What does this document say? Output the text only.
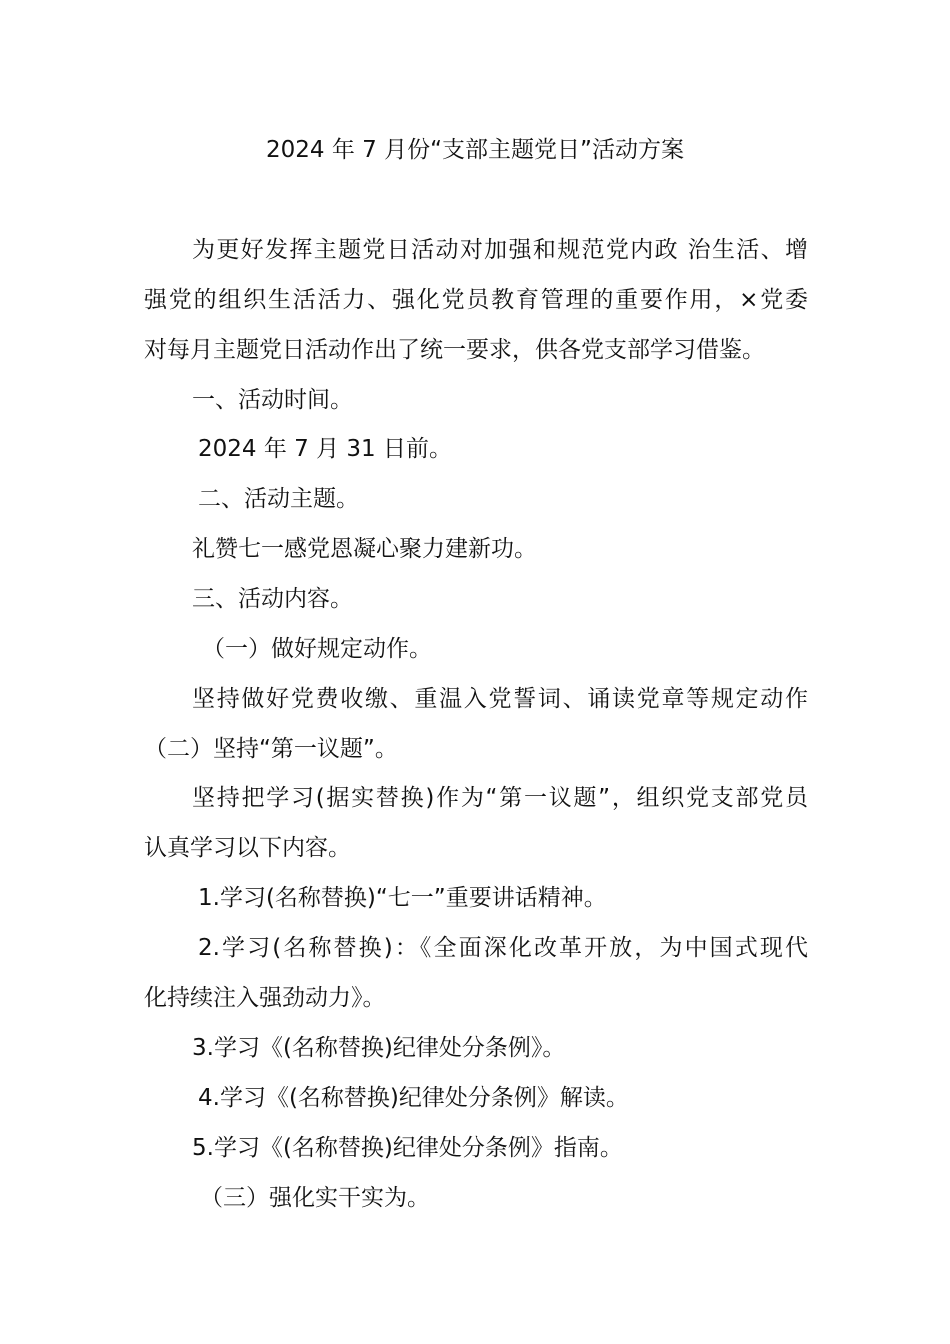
2024 年 7 月份“支部主题党日”活动方案
为更好发挥主题党日活动对加强和规范党内政 治生活、增
强党的组织生活活力、强化党员教育管理的重要作用，×党委
对每月主题党日活动作出了统一要求，供各党支部学习借鉴。
一、活动时间。
2024 年 7 月 31 日前。
二、活动主题。
礼赞七一感党恩凝心聚力建新功。
三、活动内容。
（一）做好规定动作。
坚持做好党费收缴、重温入党誓词、诵读党章等规定动作
（二）坚持“第一议题”。
坚持把学习(据实替换)作为“第一议题”，组织党支部党员
认真学习以下内容。
1.学习(名称替换)“七一”重要讲话精神。
2.学习(名称替换)：《全面深化改革开放，为中国式现代
化持续注入强劲动力》。
3.学习《(名称替换)纪律处分条例》。
4.学习《(名称替换)纪律处分条例》解读。
5.学习《(名称替换)纪律处分条例》指南。
（三）强化实干实为。
